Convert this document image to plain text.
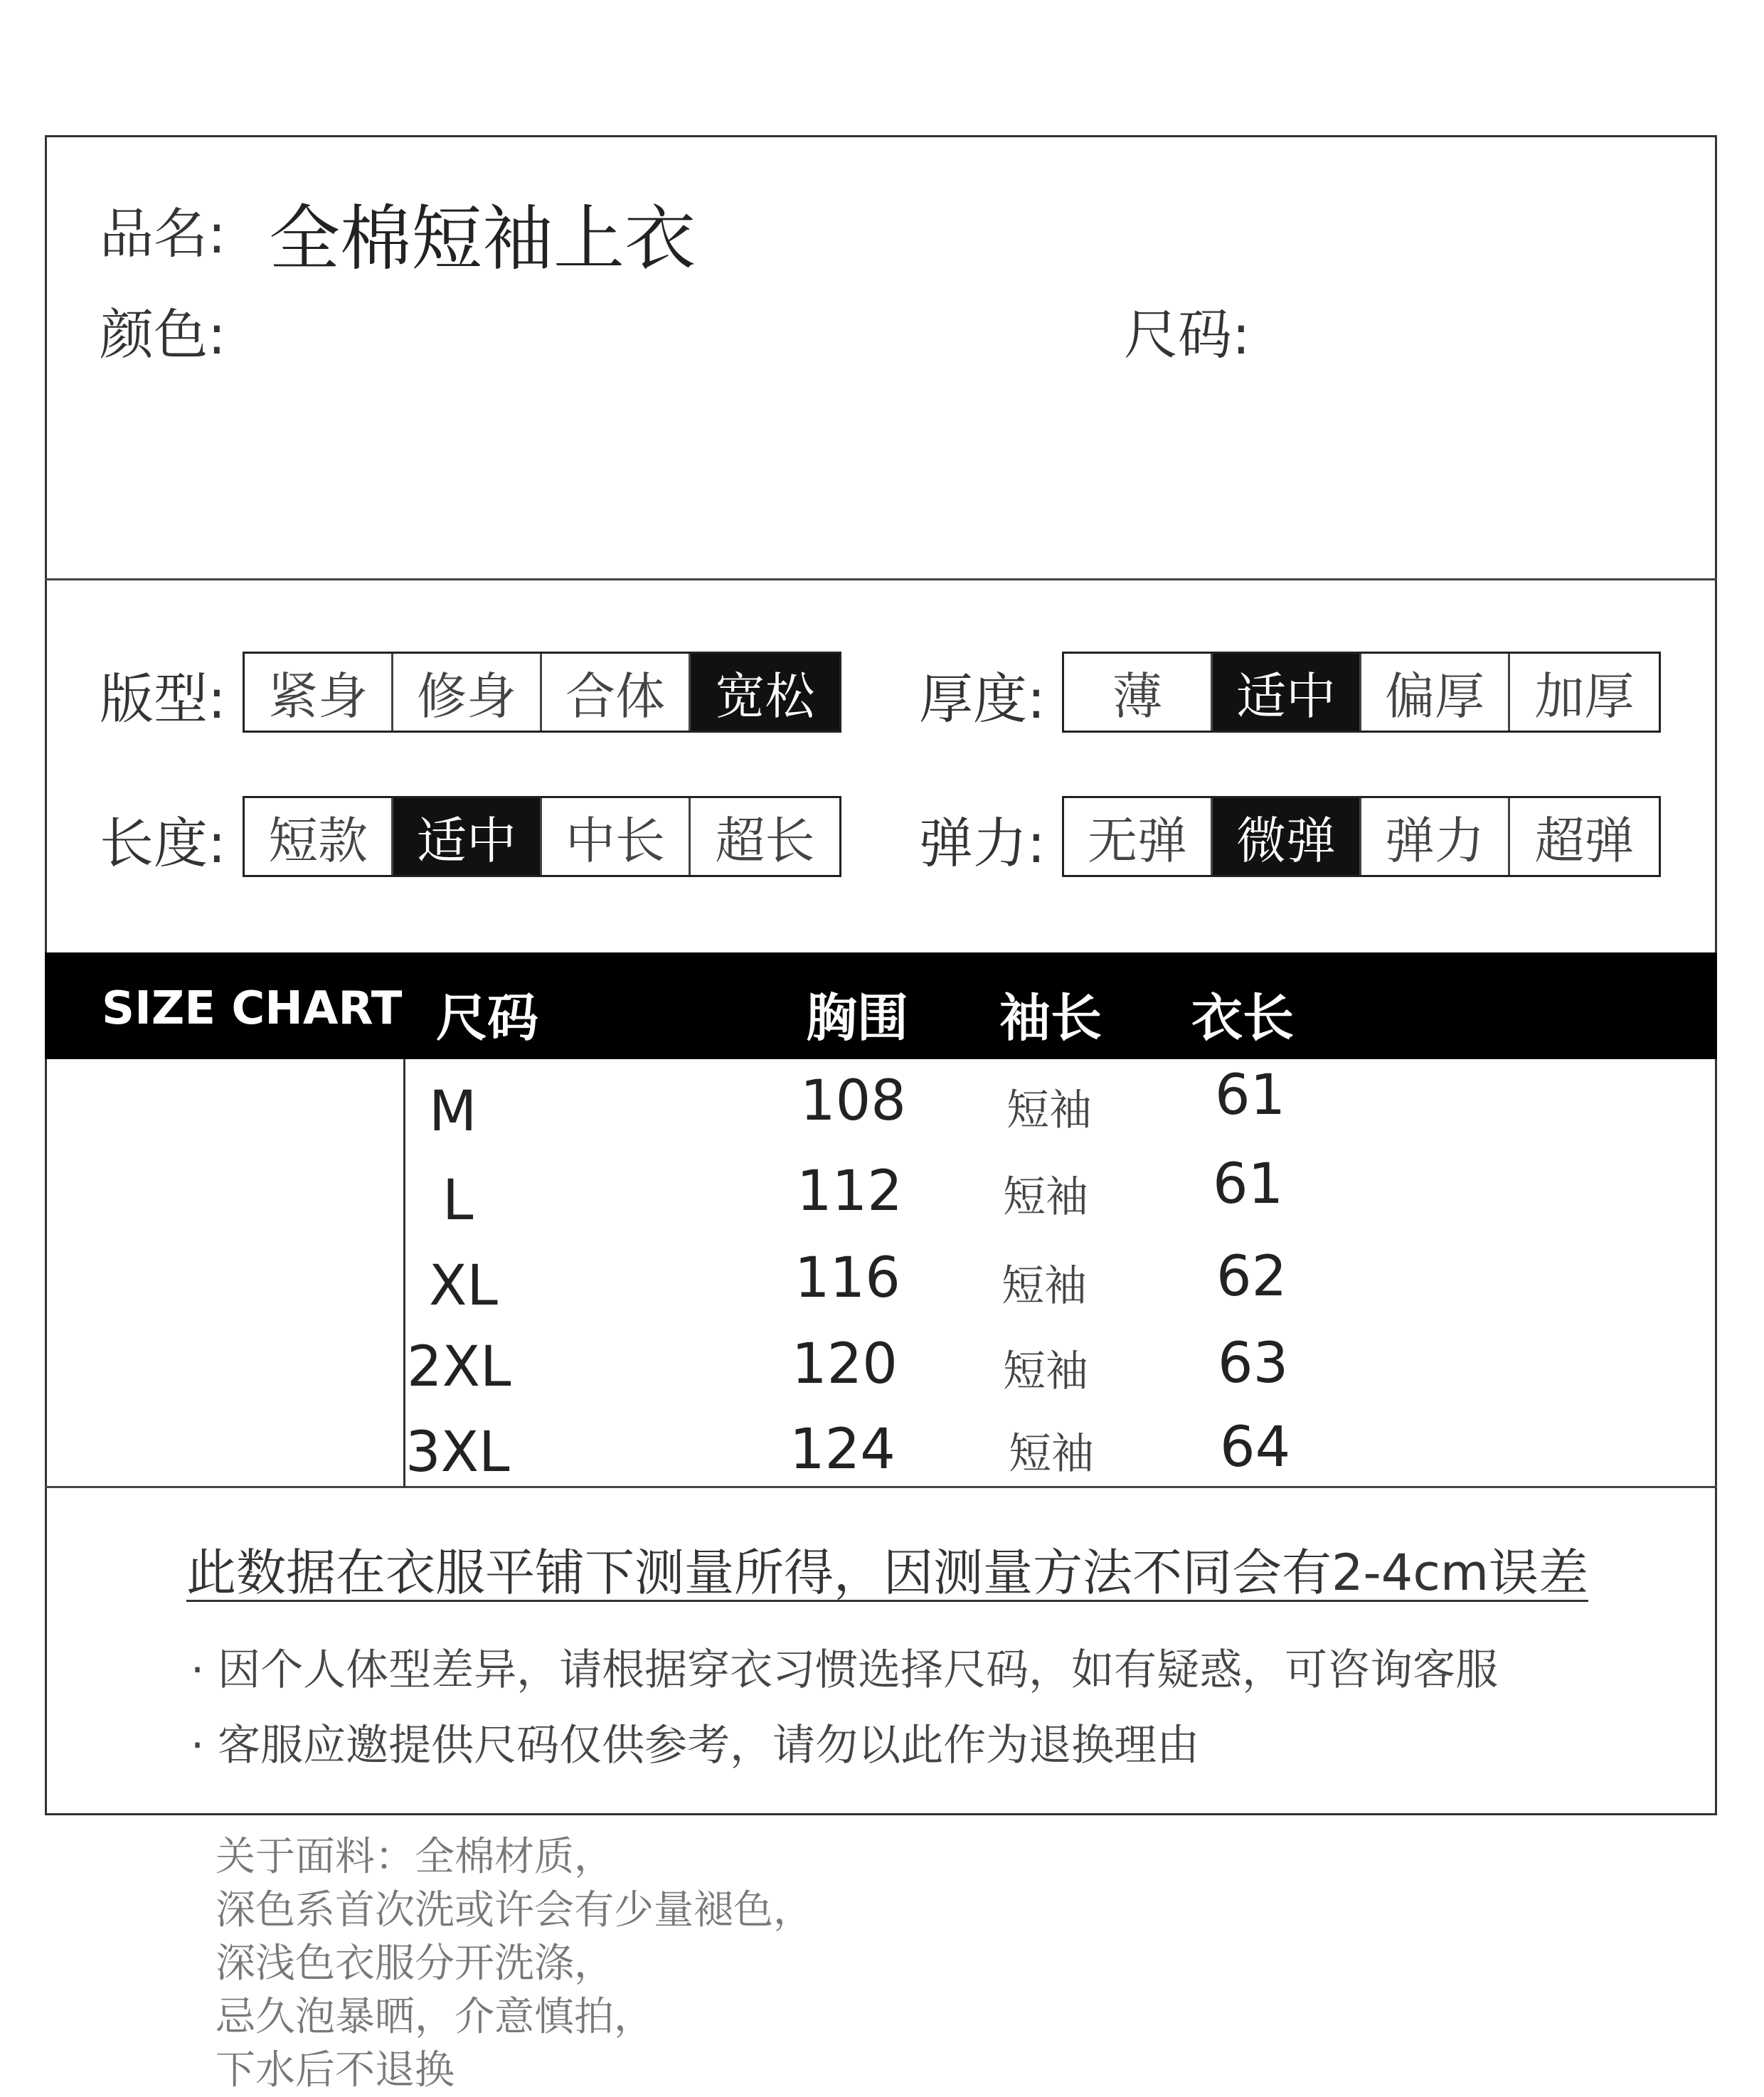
品名: 全棉短袖上衣
颜色:	尺码:
版型: 紧身 修身 合体	宽松	厚度:	薄	适中 偏厚	加厚
长度: 短款 适中 中长	超长	弹力: 无弹 微弹 弹力	超弹
SIZE CHART 尺码	胸围 袖长 衣长
M	108 短袖 61
L	112 短袖 61
XL	116 短袖 62
2XL	120 短袖 63
3XL	124	短袖 64
此数据在衣服平铺下测量所得，因测量方法不同会有2-4cm误差
· 因个人体型差异，请根据穿衣习惯选择尺码，如有疑惑，可咨询客服
· 客服应邀提供尺码仅供参考，请勿以此作为退换理由
关于面料：全棉材质，
深色系首次洗或许会有少量褪色，
深浅色衣服分开洗涤，
忌久泡暴晒，介意慎拍，
下水后不退换
